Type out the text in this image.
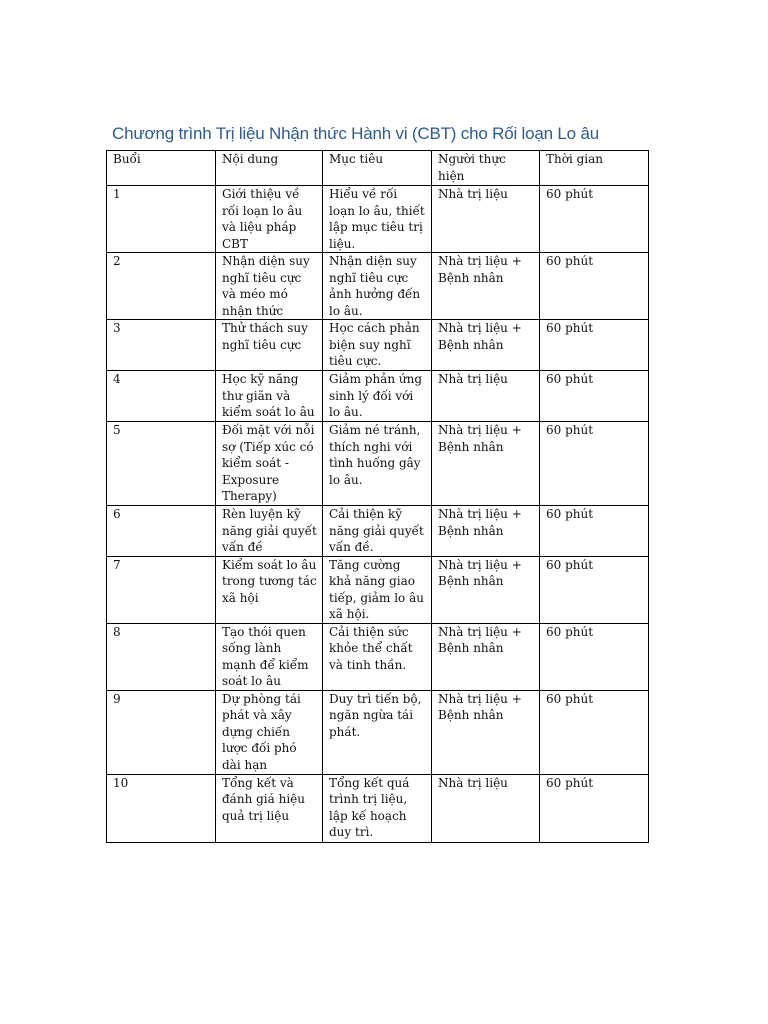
Chương trình Trị liệu Nhận thức Hành vi (CBT) cho Rối loạn Lo âu
Buổi	Nội dung	Mục tiêu	Người thực hiện	Thời gian
1	Giới thiệu về rối loạn lo âu và liệu pháp CBT	Hiểu về rối loạn lo âu, thiết lập mục tiêu trị liệu.	Nhà trị liệu	60 phút
2	Nhận diện suy nghĩ tiêu cực và méo mó nhận thức	Nhận diện suy nghĩ tiêu cực ảnh hưởng đến lo âu.	Nhà trị liệu + Bệnh nhân	60 phút
3	Thử thách suy nghĩ tiêu cực	Học cách phản biện suy nghĩ tiêu cực.	Nhà trị liệu + Bệnh nhân	60 phút
4	Học kỹ năng thư giãn và kiểm soát lo âu	Giảm phản ứng sinh lý đối với lo âu.	Nhà trị liệu	60 phút
5	Đối mặt với nỗi sợ (Tiếp xúc có kiểm soát - Exposure Therapy)	Giảm né tránh, thích nghi với tình huống gây lo âu.	Nhà trị liệu + Bệnh nhân	60 phút
6	Rèn luyện kỹ năng giải quyết vấn đề	Cải thiện kỹ năng giải quyết vấn đề.	Nhà trị liệu + Bệnh nhân	60 phút
7	Kiểm soát lo âu trong tương tác xã hội	Tăng cường khả năng giao tiếp, giảm lo âu xã hội.	Nhà trị liệu + Bệnh nhân	60 phút
8	Tạo thói quen sống lành mạnh để kiểm soát lo âu	Cải thiện sức khỏe thể chất và tinh thần.	Nhà trị liệu + Bệnh nhân	60 phút
9	Dự phòng tái phát và xây dựng chiến lược đối phó dài hạn	Duy trì tiến bộ, ngăn ngừa tái phát.	Nhà trị liệu + Bệnh nhân	60 phút
10	Tổng kết và đánh giá hiệu quả trị liệu	Tổng kết quá trình trị liệu, lập kế hoạch duy trì.	Nhà trị liệu	60 phút
